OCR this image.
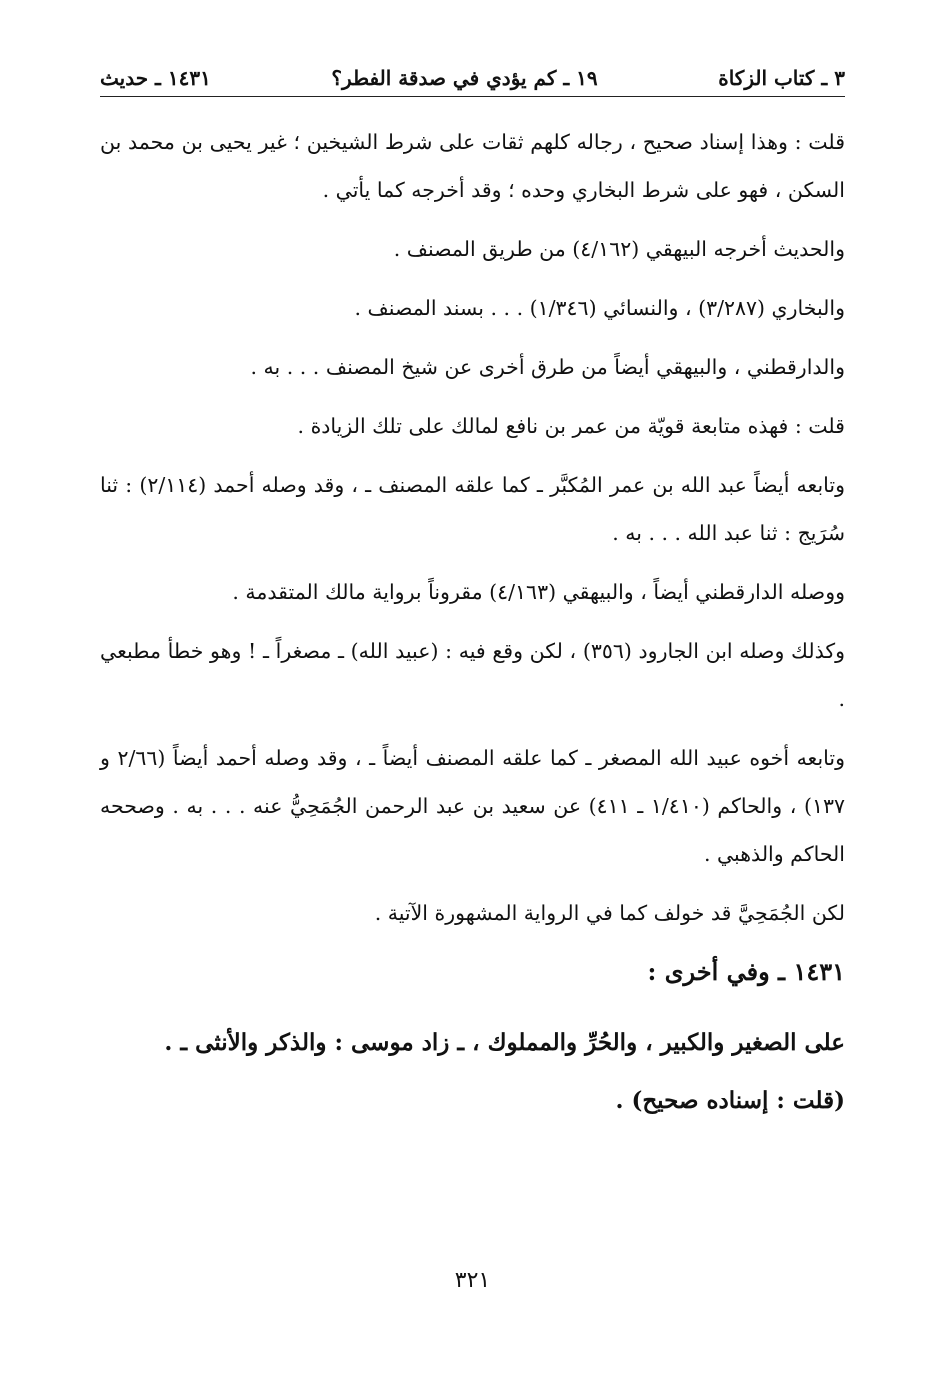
٣ ـ كتاب الزكاة
١٩ ـ كم يؤدي في صدقة الفطر؟
١٤٣١ ـ حديث

قلت : وهذا إسناد صحيح ، رجاله كلهم ثقات على شرط الشيخين ؛ غير يحيى بن محمد بن السكن ، فهو على شرط البخاري وحده ؛ وقد أخرجه كما يأتي .

والحديث أخرجه البيهقي (٤/١٦٢) من طريق المصنف .

والبخاري (٣/٢٨٧) ، والنسائي (١/٣٤٦) . . . بسند المصنف .

والدارقطني ، والبيهقي أيضاً من طرق أخرى عن شيخ المصنف . . . به .

قلت : فهذه متابعة قويّة من عمر بن نافع لمالك على تلك الزيادة .

وتابعه أيضاً عبد الله بن عمر المُكبَّر ـ كما علقه المصنف ـ ، وقد وصله أحمد (٢/١١٤) : ثنا سُرَيج : ثنا عبد الله . . . به .

ووصله الدارقطني أيضاً ، والبيهقي (٤/١٦٣) مقروناً برواية مالك المتقدمة .

وكذلك وصله ابن الجارود (٣٥٦) ، لكن وقع فيه : (عبيد الله) ـ مصغراً ـ ! وهو خطأ مطبعي .

وتابعه أخوه عبيد الله المصغر ـ كما علقه المصنف أيضاً ـ ، وقد وصله أحمد أيضاً (٢/٦٦ و ١٣٧) ، والحاكم (١/٤١٠ ـ ٤١١) عن سعيد بن عبد الرحمن الجُمَحِيُّ عنه . . . به . وصححه الحاكم والذهبي .

لكن الجُمَحِيَّ قد خولف كما في الرواية المشهورة الآتية .

١٤٣١ ـ وفي أخرى :

على الصغير والكبير ، والحُرِّ والمملوك ، ـ زاد موسى : والذكر والأنثى ـ .

(قلت : إسناده صحيح) .

٣٢١
